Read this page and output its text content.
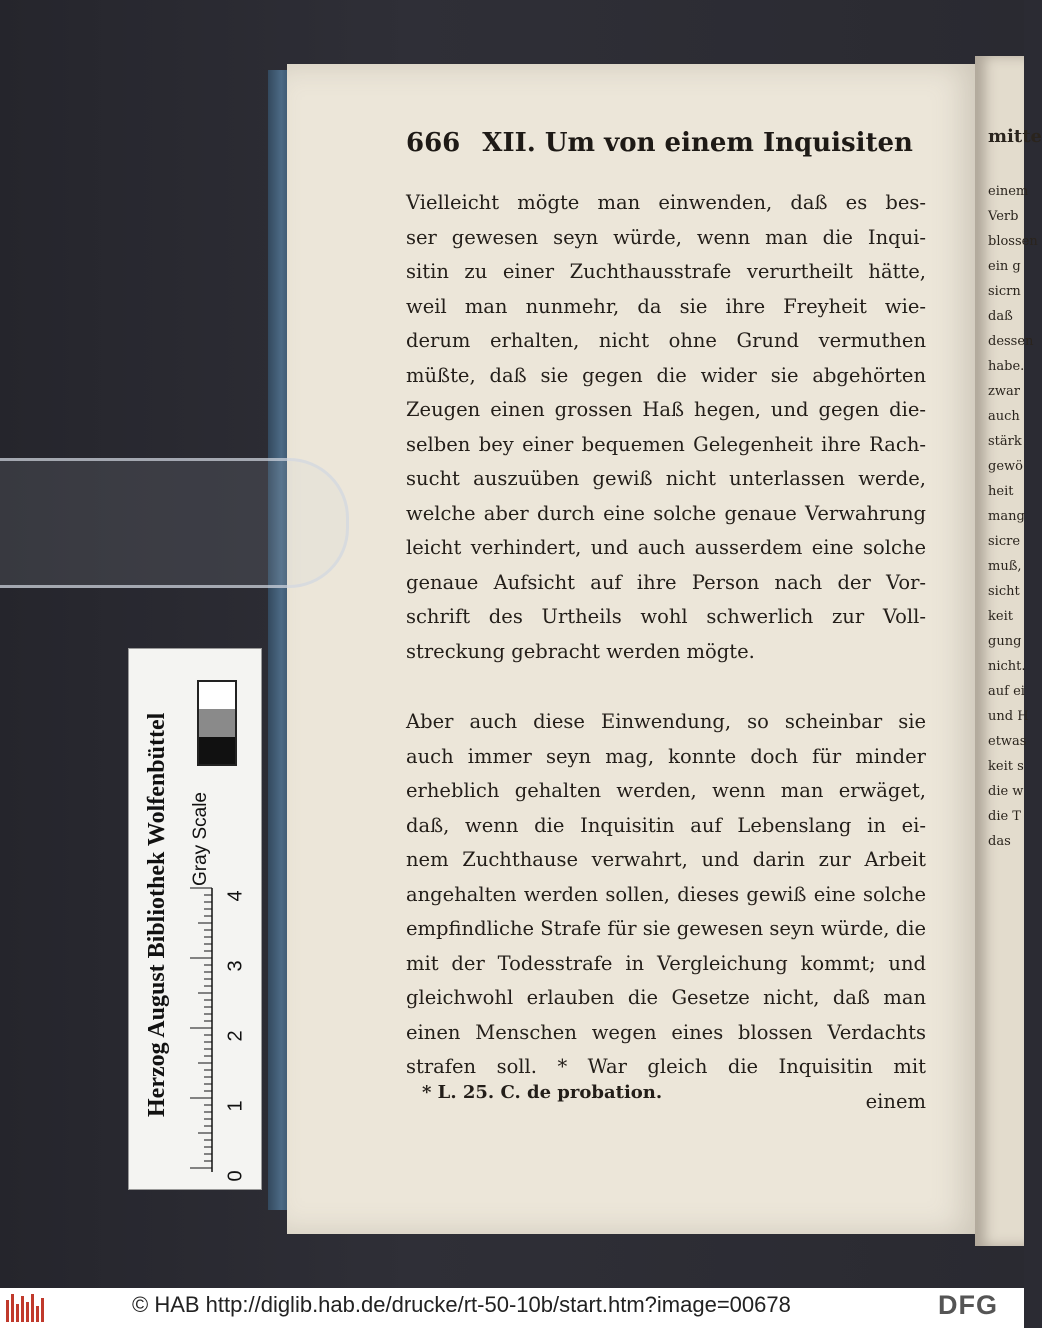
666 XII. Um von einem Inquisiten
Vielleicht mögte man einwenden, daß es bes-
ser gewesen seyn würde, wenn man die Inqui-
sitin zu einer Zuchthausstrafe verurtheilt hätte,
weil man nunmehr, da sie ihre Freyheit wie-
derum erhalten, nicht ohne Grund vermuthen
müßte, daß sie gegen die wider sie abgehörten
Zeugen einen grossen Haß hegen, und gegen die-
selben bey einer bequemen Gelegenheit ihre Rach-
sucht auszuüben gewiß nicht unterlassen werde,
welche aber durch eine solche genaue Verwahrung
leicht verhindert, und auch ausserdem eine solche
genaue Aufsicht auf ihre Person nach der Vor-
schrift des Urtheils wohl schwerlich zur Voll-
streckung gebracht werden mögte.
Aber auch diese Einwendung, so scheinbar sie
auch immer seyn mag, konnte doch für minder
erheblich gehalten werden, wenn man erwäget,
daß, wenn die Inquisitin auf Lebenslang in ei-
nem Zuchthause verwahrt, und darin zur Arbeit
angehalten werden sollen, dieses gewiß eine solche
empfindliche Strafe für sie gewesen seyn würde, die
mit der Todesstrafe in Vergleichung kommt; und
gleichwohl erlauben die Gesetze nicht, daß man
einen Menschen wegen eines blossen Verdachts
strafen soll. * War gleich die Inquisitin mit
einem
* L. 25. C. de probation.
mitte
einem
Verb
blossen
ein g
sicrn
daß
dessen
habe.
zwar
auch
stärk
gewö
heit
mang
sicre
muß,
sicht
keit
gung
nicht.
auf ei
und H
etwas
keit s
die w
die T
das
Herzog August Bibliothek Wolfenbüttel	Gray Scale
0
1
2
3
4
© HAB http://diglib.hab.de/drucke/rt-50-10b/start.htm?image=00678	DFG
